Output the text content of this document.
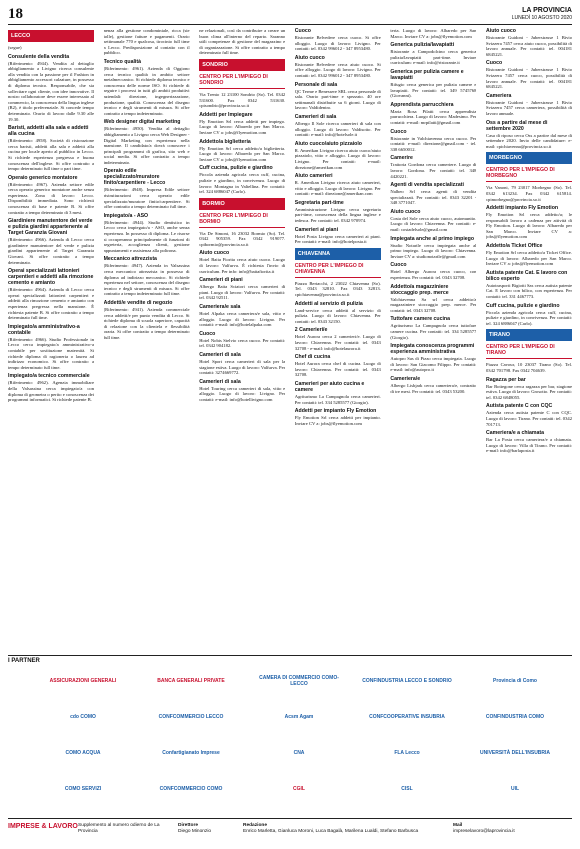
18	LA PROVINCIA
LUNEDÌ 10 AGOSTO 2020
LECCO
(segue)
Consulente della vendita
(Riferimento: 4944). Vendita al dettaglio abbigliamento a Livigno ricerca consulente alla vendita con la passione per il Fashion in abbigliamento accessori calzature, in possesso di diploma tecnico. Responsabile, che sia sollecitare ogni cliente, con idee innovative. Il nostro collaboratore deve essere interessato al commercio, la conoscenza della lingua inglese (B2), è titolo preferenziale. Si concede tempo determinato. Orario di lavoro dalle 9.30 alle 19.30.
Baristi, addetti alla sala e addetti alla cucina
(Riferimento: 4958). Società di ristorazione cerca baristi, addetti alla sala e addetti alla cucina per locale aperto al pubblico in Lecco. Si richiede esperienza pregressa e buona conoscenza dell'inglese. Si offre contratto a tempo determinato full time o part time.
Operaio generico montatore
(Riferimento: 4967). Azienda settore edile cerca operaio generico montatore anche senza esperienza. Zona di lavoro: Lecco. Disponibilità immediata. Sono richiesti conoscenza di base e patente B. Si offre contratto a tempo determinato di 3 mesi.
Giardiniere manutentore del verde e pulizia giardini appartenente al Target Garanzia Giovani
(Riferimento: 4966). Azienda di Lecco cerca giardiniere manutentore del verde e pulizia giardini appartenente al Target Garanzia Giovani. Si offre contratto a tempo determinato.
Operai specializzati lattonieri carpentieri e addetti alla rimozione cemento e amianto
(Riferimento: 4964). Azienda di Lecco cerca operai specializzati lattonieri carpentieri e addetti alla rimozione cemento e amianto con esperienza pregressa nella mansione. È richiesta patente B. Si offre contratto a tempo determinato full time.
Impiegato/a amministrativo-a contabile
(Riferimento: 4966). Studio Professionale in Lecco cerca impiegato/a amministrativo-a contabile per sostituzione maternità. Si richiede diploma di ragioneria o laurea ad indirizzo economico. Si offre contratto a tempo determinato full time.
Impiegato/a tecnico commerciale
(Riferimento: 4962). Agenzia immobiliare della Valsassina cerca impiegato/a con diploma di geometra o perito e conoscenza dei programmi informatici. Si richiede patente B.
nenza alla gestione condominiale, ricca (sie tolle), gestione fatture e pagamenti. Orario settimanale 770 e qualcosa, tirocinio full time a Lecco. Predisposizione al contatto con il pubblico.
Tecnico qualità
(Riferimento: 4961). Azienda di Oggiono cerca tecnico qualità in ambito settore metalmeccanico. Si richiede diploma tecnico e conoscenza delle norme ISO. Si richiede di seguire i processi in tutti gli ambiti produttivi aziendali: direzione, ingegnerizzazione, produzione, qualità. Conoscenza del disegno tecnico e degli strumenti di misura. Si offre contratto a tempo indeterminato.
Web designer digital marketing
(Riferimento: 4950). Vendita al dettaglio abbigliamento a Livigno cerca Web Designer - Digital Marketing con esperienza nella mansione. Il candidato/a dovrà conoscere i principali programmi di grafica, sito web e social media. Si offre contratto a tempo indeterminato.
Operaio edile specializzato/muratore finito/carpentiere - Lecco
(Riferimento: 4948). Impresa Edile settore ristrutturazioni cerca operaio edile specializzato/muratore finito/carpentiere. Si offre contratto a tempo determinato full time.
Impiegato/a - ASO
(Riferimento: 4944). Studio dentistico in Lecco cerca impiegato/a - ASO, anche senza esperienza. In possesso di diploma. Le risorse si occuperanno principalmente di funzioni di segreteria, accoglienza clienti, gestione appuntamenti e assistenza alla poltrona.
Meccanico attrezzista
(Riferimento: 4947). Azienda in Valsassina cerca meccanico attrezzista in possesso di diploma ad indirizzo meccanico. Si richiede esperienza nel settore, conoscenza del disegno tecnico e degli strumenti di misura. Si offre contratto a tempo indeterminato full time.
Addetti/e vendite di negozio
(Riferimento: 4941). Azienda commerciale cerca addetti/e per punto vendita di Lecco. Si richiede diploma di scuola superiore, capacità di relazione con la clientela e flessibilità oraria. Si offre contratto a tempo determinato full time.
ne relazionali, così da contribuire a creare un buon clima all'interno del reparto. Saranno utili competenze di gestione del magazzino e di organizzazione. Si offre contratto a tempo determinato full time.
SONDRIO
CENTRO PER L'IMPIEGO DI SONDRIO
Via Trento 12 23100 Sondrio (So). Tel. 0342 531600. Fax 0342 531630. cpisondrio@provincia.so.it
Addetti per Impiegare
Fly Emotion Srl cerca addetti per impiego. Luogo di lavoro: Albaredo per San Marco. Inviare CV a: jobs@flyemotion.com
Addetto/a biglietteria
Fly Emotion Srl cerca addetto/a biglietteria. Luogo di lavoro: Albaredo per San Marco. Inviare CV a: jobs@flyemotion.com
Cuff cucina, pulizie e giardino
Piccola azienda agricola cerca cuff, cucina, pulizie e giardino, in convivenza. Luogo di lavoro: Montagna in Valtellina. Per contatti: tel. 324 6886047 (Carlo).
BORMIO
CENTRO PER L'IMPIEGO DI BORMIO
Via De Simoni, 16 23032 Bormio (So). Tel. 0342 905359. Fax 0342 919077. cpibormio@provincia.so.it
Aiuto cuoco
Hotel Baita Fiorita cerca aiuto cuoco. Luogo di lavoro: Valfurva. È richiesta l'invio di curriculum. Per info: info@baitafiorita.it
Camerieri di piani
Albergo Baita Sciatori cerca camerieri di piani. Luogo di lavoro: Valfurva. Per contatti: tel. 0342 92511.
Cameriera/e sala
Hotel Alpaka cerca cameriera/e sala, vitto e alloggio. Luogo di lavoro: Livigno. Per contatti: e-mail: info@hotelalpaka.com
Cuoco
Hotel Nobis Stelvio cerca cuoco. Per contatti: tel. 0342 904182.
Camerieri di sala
Hotel Sport cerca camerieri di sala per la stagione estiva. Luogo di lavoro: Valfurva. Per contatti: 3274669772.
Camerieri di sala
Hotel Touring cerca camerieri di sala, vitto e alloggio. Luogo di lavoro: Livigno. Per contatti: e-mail: info@hotellivigno.com
Cuoco
Ristorante Belvedere cerca cuoco. Si offre alloggio. Luogo di lavoro: Livigno. Per contatti: tel. 0342 996012 - 347 8953480.
Aiuto cuoco
Ristorante Belvedere cerca aiuto cuoco. Si offre alloggio. Luogo di lavoro: Livigno. Per contatti: tel. 0342 996012 - 347 8953480.
Personale di sala
QC Terme e Benessere SRL cerca personale di sala. Orario part-time e spezzato. 40 ore settimanali distribuite su 6 giorni. Luogo di lavoro: Valdidentro.
Camerieri di sala
Albergo Il Sole ricerca camerieri di sala con alloggio. Luogo di lavoro: Valdisotto. Per contatti: e-mail: info@hotelsole.it
Aiuto cuoco/aiuto pizzaiolo
R. Amerikan Livigno ricerca aiuto cuoco/aiuto pizzaiolo, vitto e alloggio. Luogo di lavoro: Livigno. Per contatti: e-mail: direzione@amerikan.com
Aiuto camerieri
R. Amerikan Livigno ricerca aiuto camerieri, vitto e alloggio. Luogo di lavoro: Livigno. Per contatti: e-mail: direzione@amerikan.com
Segretaria part-time
Amministrazione Livigno cerca segretaria part-time, conoscenza della lingua inglese e tedesca. Per contatti: tel. 0342 970974.
Camerieri ai piani
Hotel Posta Livigno cerca camerieri ai piani. Per contatti: e-mail: info@hotelposta.it
CHIAVENNA
CENTRO PER L'IMPIEGO DI CHIAVENNA
Piazza Bertacchi, 2 23022 Chiavenna (So). Tel. 0343 32810. Fax 0343 32813. cpichiavenna@provincia.so.it
Addetti al servizio di pulizia
Land-service cerca addetti al servizio di pulizia. Luogo di lavoro: Chiavenna. Per contatti: tel. 0343 32150.
2 Camerieri/e
Hotel Aurora cerca 2 camerieri/e. Luogo di lavoro: Chiavenna. Per contatti: tel. 0343 32708 - e-mail: info@hotelaurora.it
Chef di cucina
Hotel Aurora cerca chef di cucina. Luogo di lavoro: Chiavenna. Per contatti: tel. 0343 32708.
Camerieri per aiuto cucina e camere
Agriturismo La Campagnola cerca camerieri. Per contatti: tel. 334 5285577 (Giorgio).
Addetti per impianto Fly Emotion
Fly Emotion Srl cerca addetti per impianto. Inviare CV a: jobs@flyemotion.com
teria. Luogo di lavoro: Albaredo per San Marco. Inviare CV a: jobs@flyemotion.com
Generica pulizia/lavapiatti
Ristorante a Campodolcino cerca generica pulizia/lavapiatti part-time. Inviare curriculum: e-mail: info@ristorante.it
Generica per pulizia camere e lavapiatti
Rifugio cerca generica per pulizia camere e lavapiatti. Per contatti: tel. 349 5745768 (Giovanni).
Apprendista parrucchiera
Maria Rosa Pilatti cerca apprendista parrucchiera. Luogo di lavoro: Madesimo. Per contatti: e-mail: mrpilatti@gmail.com
Cuoco
Ristorante in Valchiavenna cerca cuoco. Per contatti: e-mail: direzione@gmail.com - tel. 338 6650012.
Camerire
Trattoria Gordona cerca cameriere. Luogo di lavoro: Gordona. Per contatti: tel. 348 4420221.
Agenti di vendita specializzati
Nalbeo Srl cerca agenti di vendita specializzati. Per contatti: tel. 0343 32201 - 348 3771047.
Aiuto cuoco
Costa del Sole cerca aiuto cuoco, automunito. Luogo di lavoro: Chiavenna. Per contatti: e-mail: costadelsole@gmail.com
Impiegata anche al primo impiego
Studio Notarile cerca impiegata anche al primo impiego. Luogo di lavoro: Chiavenna. Inviare CV a: studionotarile@gmail.com
Cuoco
Hotel Albergo Aurora cerca cuoco, con esperienza. Per contatti: tel. 0343 32708.
Addetto/a magazziniere stoccaggio prep. merce
Valchiavenna Sa srl cerca addetto/a magazziniere stoccaggio prep. merce. Per contatti: tel. 0343 32708.
Tuttofare camere cucina
Agriturismo La Campagnola cerca tuttofare camere cucina. Per contatti: tel. 334 5285577 (Giorgio).
Impiegata conoscenza programmi esperienza amministrativa
Autopro Sas di Pizzo cerca impiegata. Luogo di lavoro: San Giacomo Filippo. Per contatti: e-mail: info@autopro.it
Cameriera/e
Albergo Lisbjark cerca cameriera/e, contratto di tre mesi. Per contatti: tel. 0343 53200.
Aiuto cuoco
Ristorante Guidoni - Juberstrasse 1 Bivio Svizzera 7457 cerca aiuto cuoco, possibilità di lavoro annuale. Per contatti: tel. 004181 6845221.
Cuoco
Ristorante Guidoni - Juberstrasse 1 Bivio Svizzera 7457 cerca cuoco, possibilità di lavoro annuale. Per contatti: tel. 004181 6845221.
Cameriera
Ristorante Guidoni - Juberstrasse 1 Bivio Svizzera 7457 cerca cameriera, possibilità di lavoro annuale.
Oss a partire dal mese di settembre 2020
Casa di riposo cerca Oss a partire dal mese di settembre 2020. Invio delle candidature: e-mail: cpichiavenna@provincia.so.it
MORBEGNO
CENTRO PER L'IMPIEGO DI MORBEGNO
Via Vanoni, 79 23017 Morbegno (So). Tel. 0342 613234. Fax 0342 615814. cpimorbegno@provincia.so.it
Addetti impianto Fly Emotion
Fly Emotion Srl cerca addetto/a; le responsabili lavoro a cadenza per attività di Fly Emotion. Luogo di lavoro: Albaredo per San Marco. Inviare CV a: jobs@flyemotion.com
Addetto/a Ticket Office
Fly Emotion Srl cerca addetto/a Ticket Office. Luogo di lavoro: Albaredo per San Marco. Inviare CV a: jobs@flyemotion.com
Autista patente Cat. E lavoro con bilico esperto
Autotrasporti Bigiotti Sas cerca autista patente Cat. E lavoro con bilico, con esperienza. Per contatti: tel. 331 4467773.
Cuff cucina, pulizie e giardino
Piccola azienda agricola cerca cuff, cucina, pulizie e giardino, in convivenza. Per contatti: tel. 324 6886047 (Carlo).
TIRANO
CENTRO PER L'IMPIEGO DI TIRANO
Piazza Cavour, 10 23037 Tirano (So). Tel. 0342 701798. Fax 0342 704639.
Ragazza per bar
Bar Bottegone cerca ragazza per bar, stagione estiva. Luogo di lavoro: Grosotto. Per contatti: tel. 0342 6848055.
Autista patente C con CQC
Azienda cerca autista patente C con CQC. Luogo di lavoro: Tirano. Per contatti: tel. 0342 701713.
Cameriera/e a chiamata
Bar La Posta cerca cameriera/e a chiamata. Luogo di lavoro: Villa di Tirano. Per contatti: e-mail: info@barlaposta.it
I PARTNER
ASSICURAZIONI GENERALI	BANCA GENERALI PRIVATE	CAMERA DI COMMERCIO COMO-LECCO	CONFINDUSTRIA LECCO E SONDRIO	Provincia di Como
cdo COMO	CONFCOMMERCIO LECCO	Acsm Agam	CONFCOOPERATIVE INSUBRIA	CONFINDUSTRIA COMO
COMO ACQUA	Confartigianato Imprese	CNA	FLA Lecco	UNIVERSITÀ DELL'INSUBRIA
COMO SERVIZI	CONFCOMMERCIO COMO	CGIL	CISL	UIL
IMPRESE & LAVORO Supplemento al numero odierno de La Provincia
Direttore
Diego Minonzio
Redazione
Enrico Marletta, Gianluca Moroni, Luca Bagalà, Marilena Lualdi, Stefano Barbusca
Mail
impreselavoro@laprovincia.it
